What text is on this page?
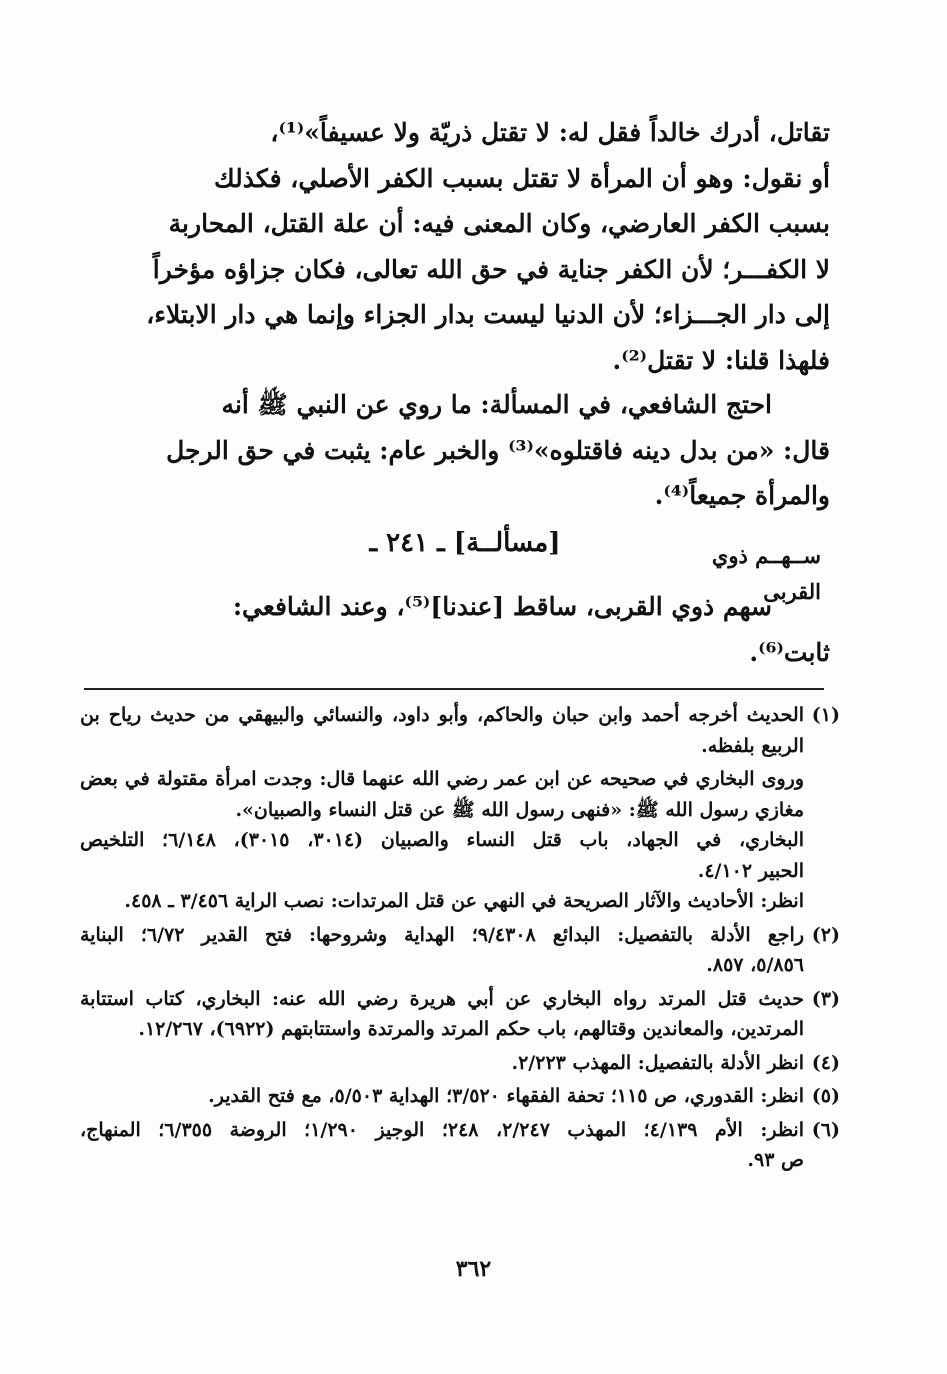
تقاتل، أدرك خالداً فقل له: لا تقتل ذريّة ولا عسيفاً»⁽¹⁾،
أو نقول: وهو أن المرأة لا تقتل بسبب الكفر الأصلي، فكذلك
بسبب الكفر العارضي، وكان المعنى فيه: أن علة القتل، المحاربة
لا الكفـــر؛ لأن الكفر جناية في حق الله تعالى، فكان جزاؤه مؤخراً
إلى دار الجـــزاء؛ لأن الدنيا ليست بدار الجزاء وإنما هي دار الابتلاء،
فلهذا قلنا: لا تقتل⁽²⁾.
احتج الشافعي، في المسألة: ما روي عن النبي ﷺ أنه
قال: «من بدل دينه فاقتلوه»⁽³⁾ والخبر عام: يثبت في حق الرجل
والمرأة جميعاً⁽⁴⁾.
[مسألــة] ـ ٢٤١ ـ	ســهــم ذوي
القربى
سهم ذوي القربى، ساقط [عندنا]⁽⁵⁾، وعند الشافعي:
ثابت⁽⁶⁾.
(١)
الحديث أخرجه أحمد وابن حبان والحاكم، وأبو داود، والنسائي والبيهقي من حديث رياح بن
الربيع بلفظه.
وروى البخاري في صحيحه عن ابن عمر رضي الله عنهما قال: وجدت امرأة مقتولة في بعض
مغازي رسول الله ﷺ: «فنهى رسول الله ﷺ عن قتل النساء والصبيان».
البخاري، في الجهاد، باب قتل النساء والصبيان (٣٠١٤، ٣٠١٥)، ٦/١٤٨؛ التلخيص
الحبير ٤/١٠٢.
انظر: الأحاديث والآثار الصريحة في النهي عن قتل المرتدات: نصب الراية ٣/٤٥٦ ـ ٤٥٨.
(٢)
راجع الأدلة بالتفصيل: البدائع ٩/٤٣٠٨؛ الهداية وشروحها: فتح القدير ٦/٧٢؛ البناية
٥/٨٥٦، ٨٥٧.
(٣)
حديث قتل المرتد رواه البخاري عن أبي هريرة رضي الله عنه: البخاري، كتاب استتابة
المرتدين، والمعاندين وقتالهم، باب حكم المرتد والمرتدة واستتابتهم (٦٩٢٢)، ١٢/٢٦٧.
(٤)
انظر الأدلة بالتفصيل: المهذب ٢/٢٢٣.
(٥)
انظر: القدوري، ص ١١٥؛ تحفة الفقهاء ٣/٥٢٠؛ الهداية ٥/٥٠٣، مع فتح القدير.
(٦)
انظر: الأم ٤/١٣٩؛ المهذب ٢/٢٤٧، ٢٤٨؛ الوجيز ١/٢٩٠؛ الروضة ٦/٣٥٥؛ المنهاج،
ص ٩٣.
٣٦٢
